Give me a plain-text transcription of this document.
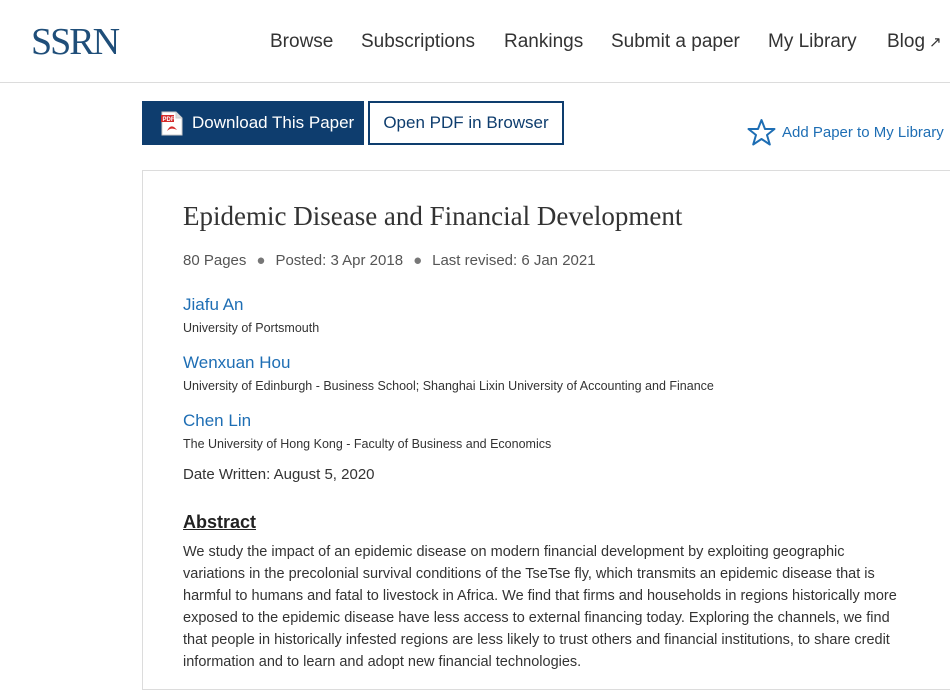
SSRN	Browse Subscriptions Rankings Submit a paper My Library Blog ↗
PDF Download This Paper	Open PDF in Browser
Add Paper to My Library
Epidemic Disease and Financial Development
80 Pages ● Posted: 3 Apr 2018 ● Last revised: 6 Jan 2021
Jiafu An
University of Portsmouth
Wenxuan Hou
University of Edinburgh - Business School; Shanghai Lixin University of Accounting and Finance
Chen Lin
The University of Hong Kong - Faculty of Business and Economics
Date Written: August 5, 2020
Abstract
We study the impact of an epidemic disease on modern financial development by exploiting geographic variations in the precolonial survival conditions of the TseTse fly, which transmits an epidemic disease that is harmful to humans and fatal to livestock in Africa. We find that firms and households in regions historically more exposed to the epidemic disease have less access to external financing today. Exploring the channels, we find that people in historically infested regions are less likely to trust others and financial institutions, to share credit information and to learn and adopt new financial technologies.
